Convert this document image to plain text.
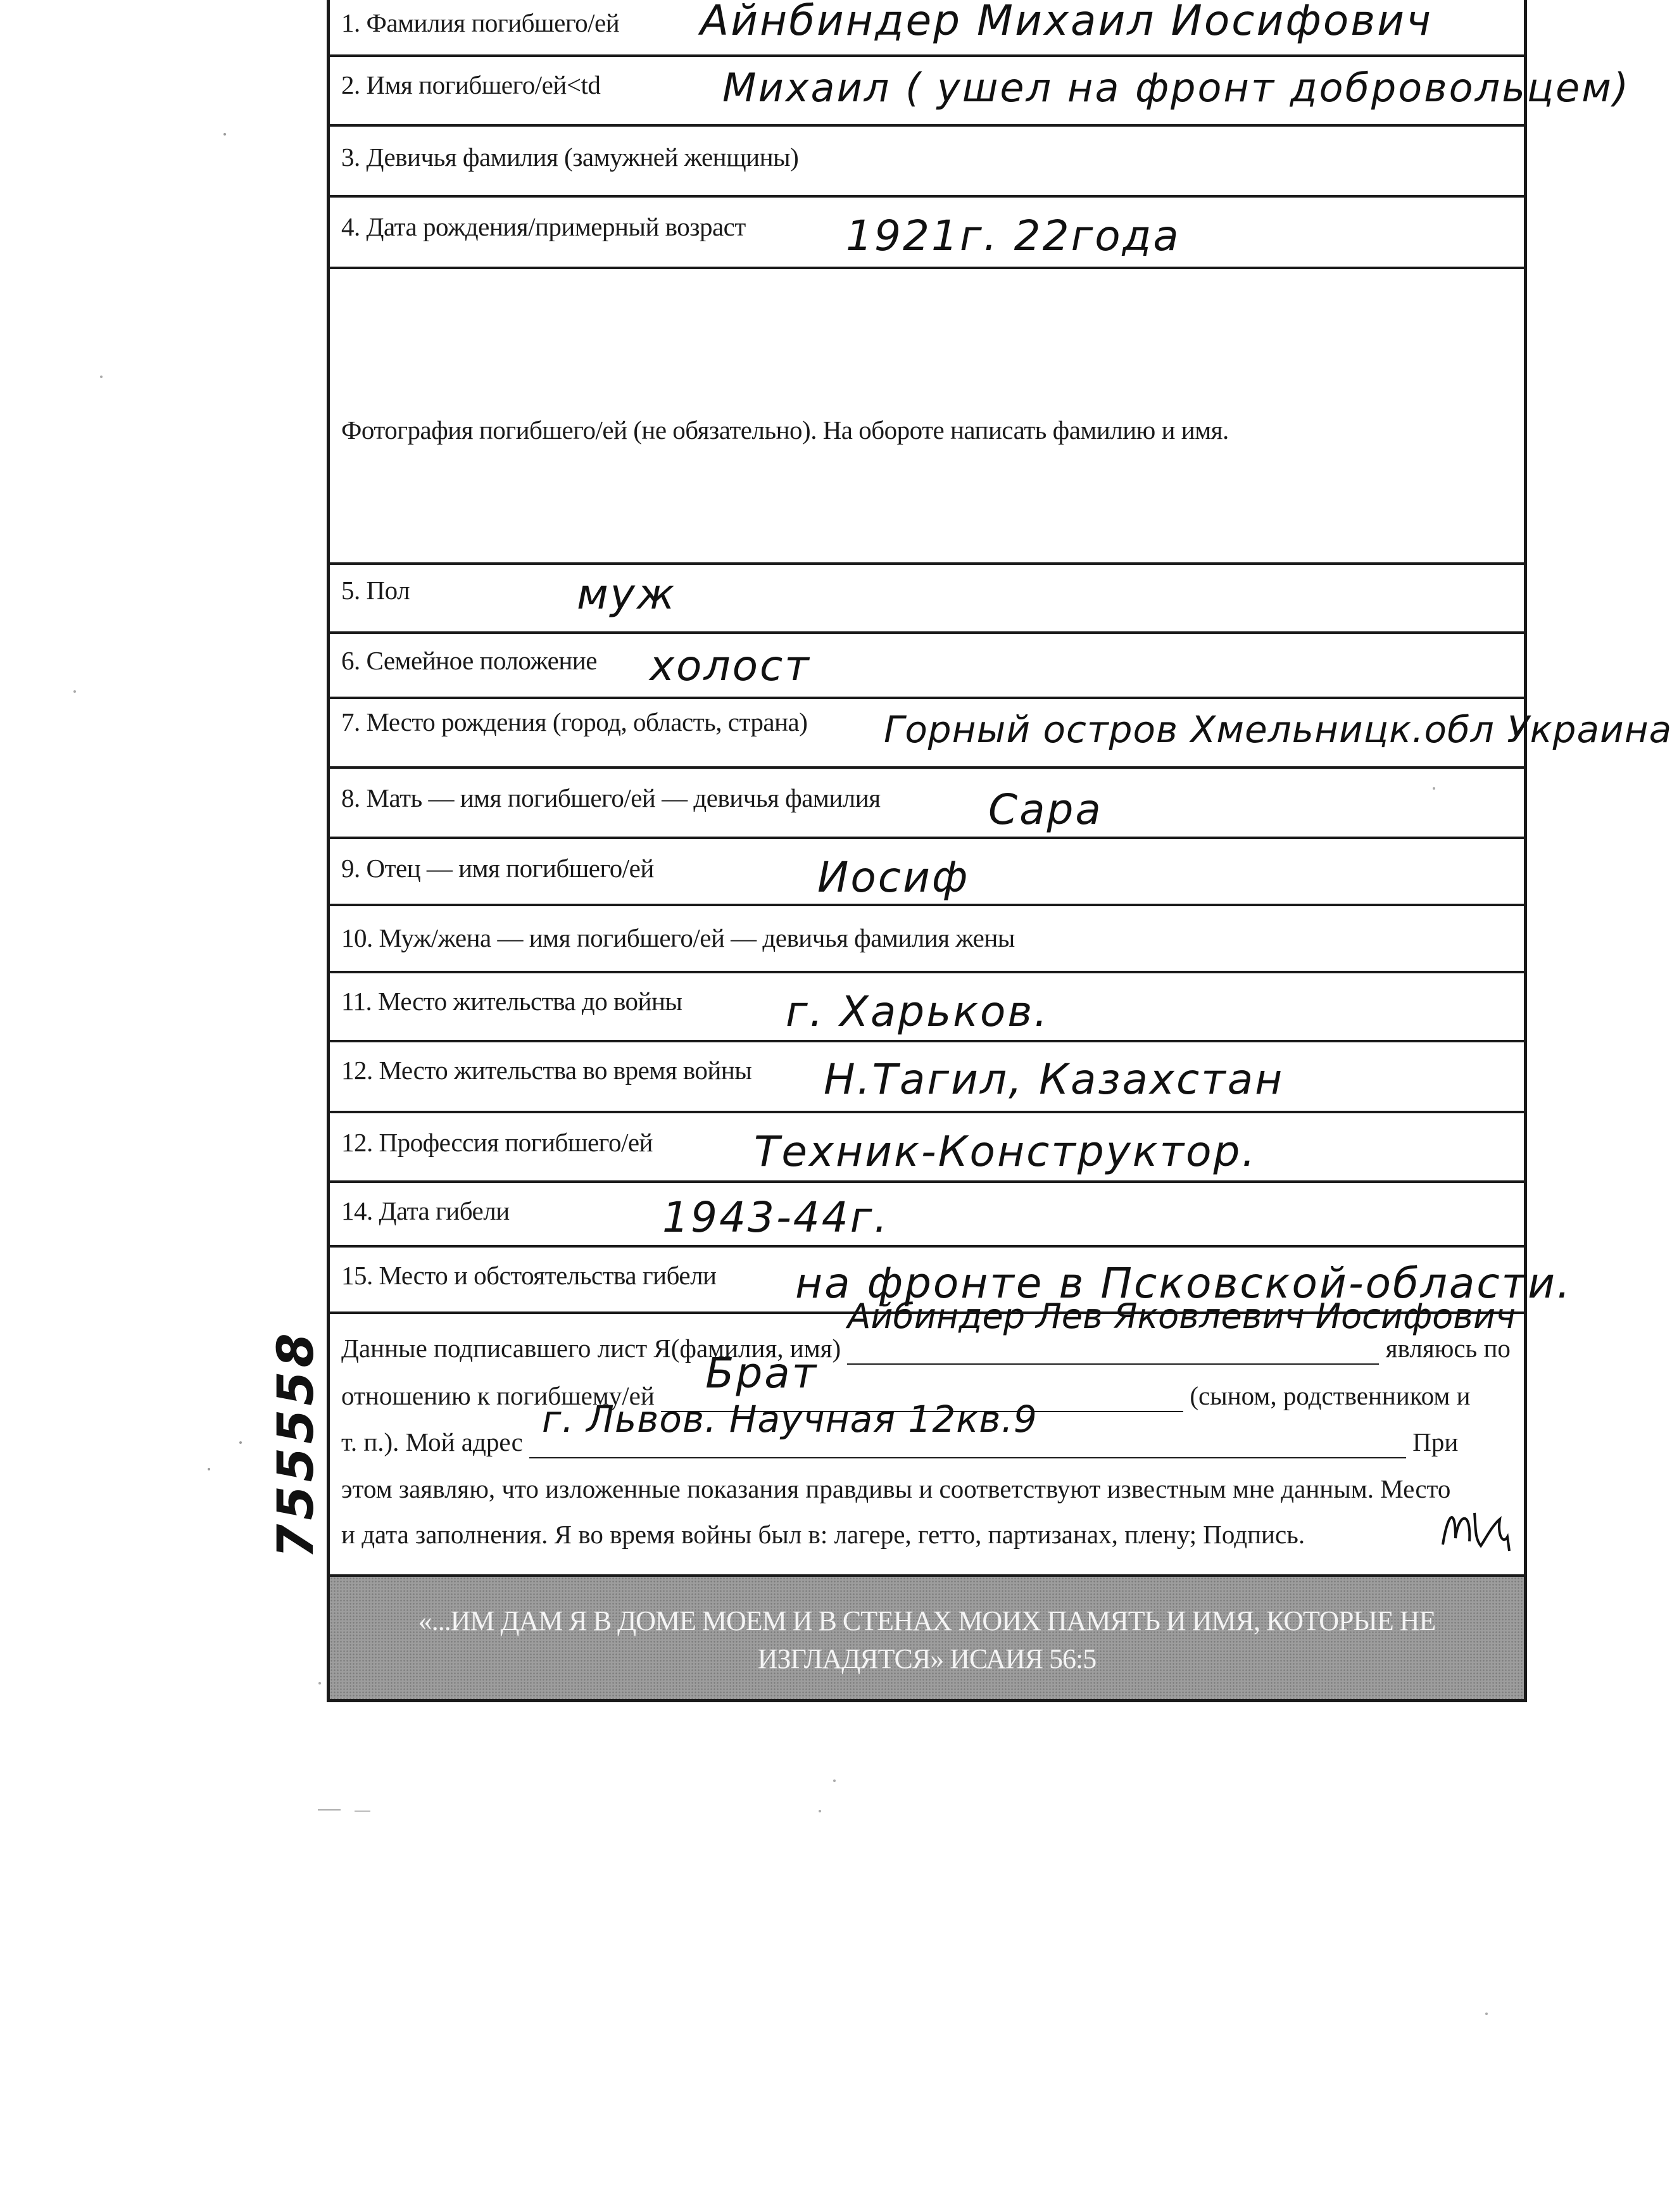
1. Фамилия погибшего/ей Айнбиндер Михаил Иосифович
2. Имя погибшего/ей<td	Михаил ( ушел на фронт добровольцем)
3. Девичья фамилия (замужней женщины)
4. Дата рождения/примерный возраст 1921г. 22года
Фотография погибшего/ей (не обязательно). На обороте написать фамилию и имя.
5. Пол	муж
6. Семейное положение холост
7. Место рождения (город, область, страна) Горный остров Хмельницк.обл Украина
8. Мать — имя погибшего/ей — девичья фамилия	Сара
9. Отец — имя погибшего/ей	Иосиф
10. Муж/жена — имя погибшего/ей — девичья фамилия жены
11. Место жительства до войны г. Харьков.
12. Место жительства во время войны Н.Тагил, Казахстан
12. Профессия погибшего/ей Техник-Конструктор.
14. Дата гибели	1943-44г.
15. Место и обстоятельства гибели на фронте в Псковской-области.
Данные подписавшего лист Я(фамилия, имя)
Айбиндер Лев Яковлевич Иосифович
являюсь по
отношению к погибшему/ей Брат	(сыном, родственником и
т. п.). Мой адрес
г. Львов. Научная 12кв.9
При
этом заявляю, что изложенные показания правдивы и соответствуют известным мне данным. Место
и дата заполнения. Я во время войны был в: лагере, гетто, партизанах, плену; Подпись.
«...ИМ ДАМ Я В ДОМЕ МОЕМ И В СТЕНАХ МОИХ ПАМЯТЬ И ИМЯ, КОТОРЫЕ НЕ
ИЗГЛАДЯТСЯ» ИСАИЯ 56:5
755558
